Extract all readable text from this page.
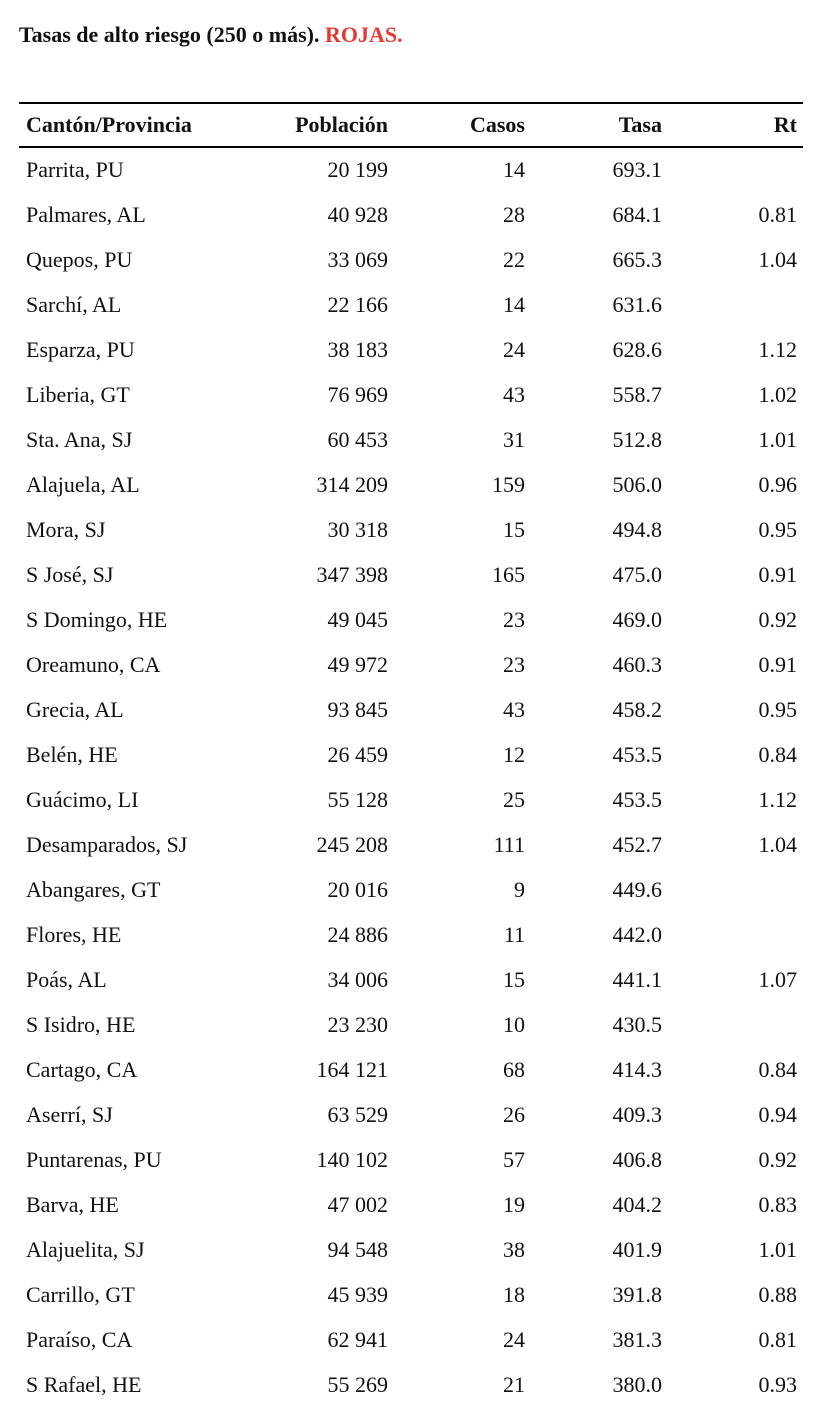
Tasas de alto riesgo (250 o más). ROJAS.
Cantón/Provincia	Población	Casos	Tasa	Rt
Parrita, PU	20 199	14	693.1	
Palmares, AL	40 928	28	684.1	0.81
Quepos, PU	33 069	22	665.3	1.04
Sarchí, AL	22 166	14	631.6	
Esparza, PU	38 183	24	628.6	1.12
Liberia, GT	76 969	43	558.7	1.02
Sta. Ana, SJ	60 453	31	512.8	1.01
Alajuela, AL	314 209	159	506.0	0.96
Mora, SJ	30 318	15	494.8	0.95
S José, SJ	347 398	165	475.0	0.91
S Domingo, HE	49 045	23	469.0	0.92
Oreamuno, CA	49 972	23	460.3	0.91
Grecia, AL	93 845	43	458.2	0.95
Belén, HE	26 459	12	453.5	0.84
Guácimo, LI	55 128	25	453.5	1.12
Desamparados, SJ	245 208	111	452.7	1.04
Abangares, GT	20 016	9	449.6	
Flores, HE	24 886	11	442.0	
Poás, AL	34 006	15	441.1	1.07
S Isidro, HE	23 230	10	430.5	
Cartago, CA	164 121	68	414.3	0.84
Aserrí, SJ	63 529	26	409.3	0.94
Puntarenas, PU	140 102	57	406.8	0.92
Barva, HE	47 002	19	404.2	0.83
Alajuelita, SJ	94 548	38	401.9	1.01
Carrillo, GT	45 939	18	391.8	0.88
Paraíso, CA	62 941	24	381.3	0.81
S Rafael, HE	55 269	21	380.0	0.93
